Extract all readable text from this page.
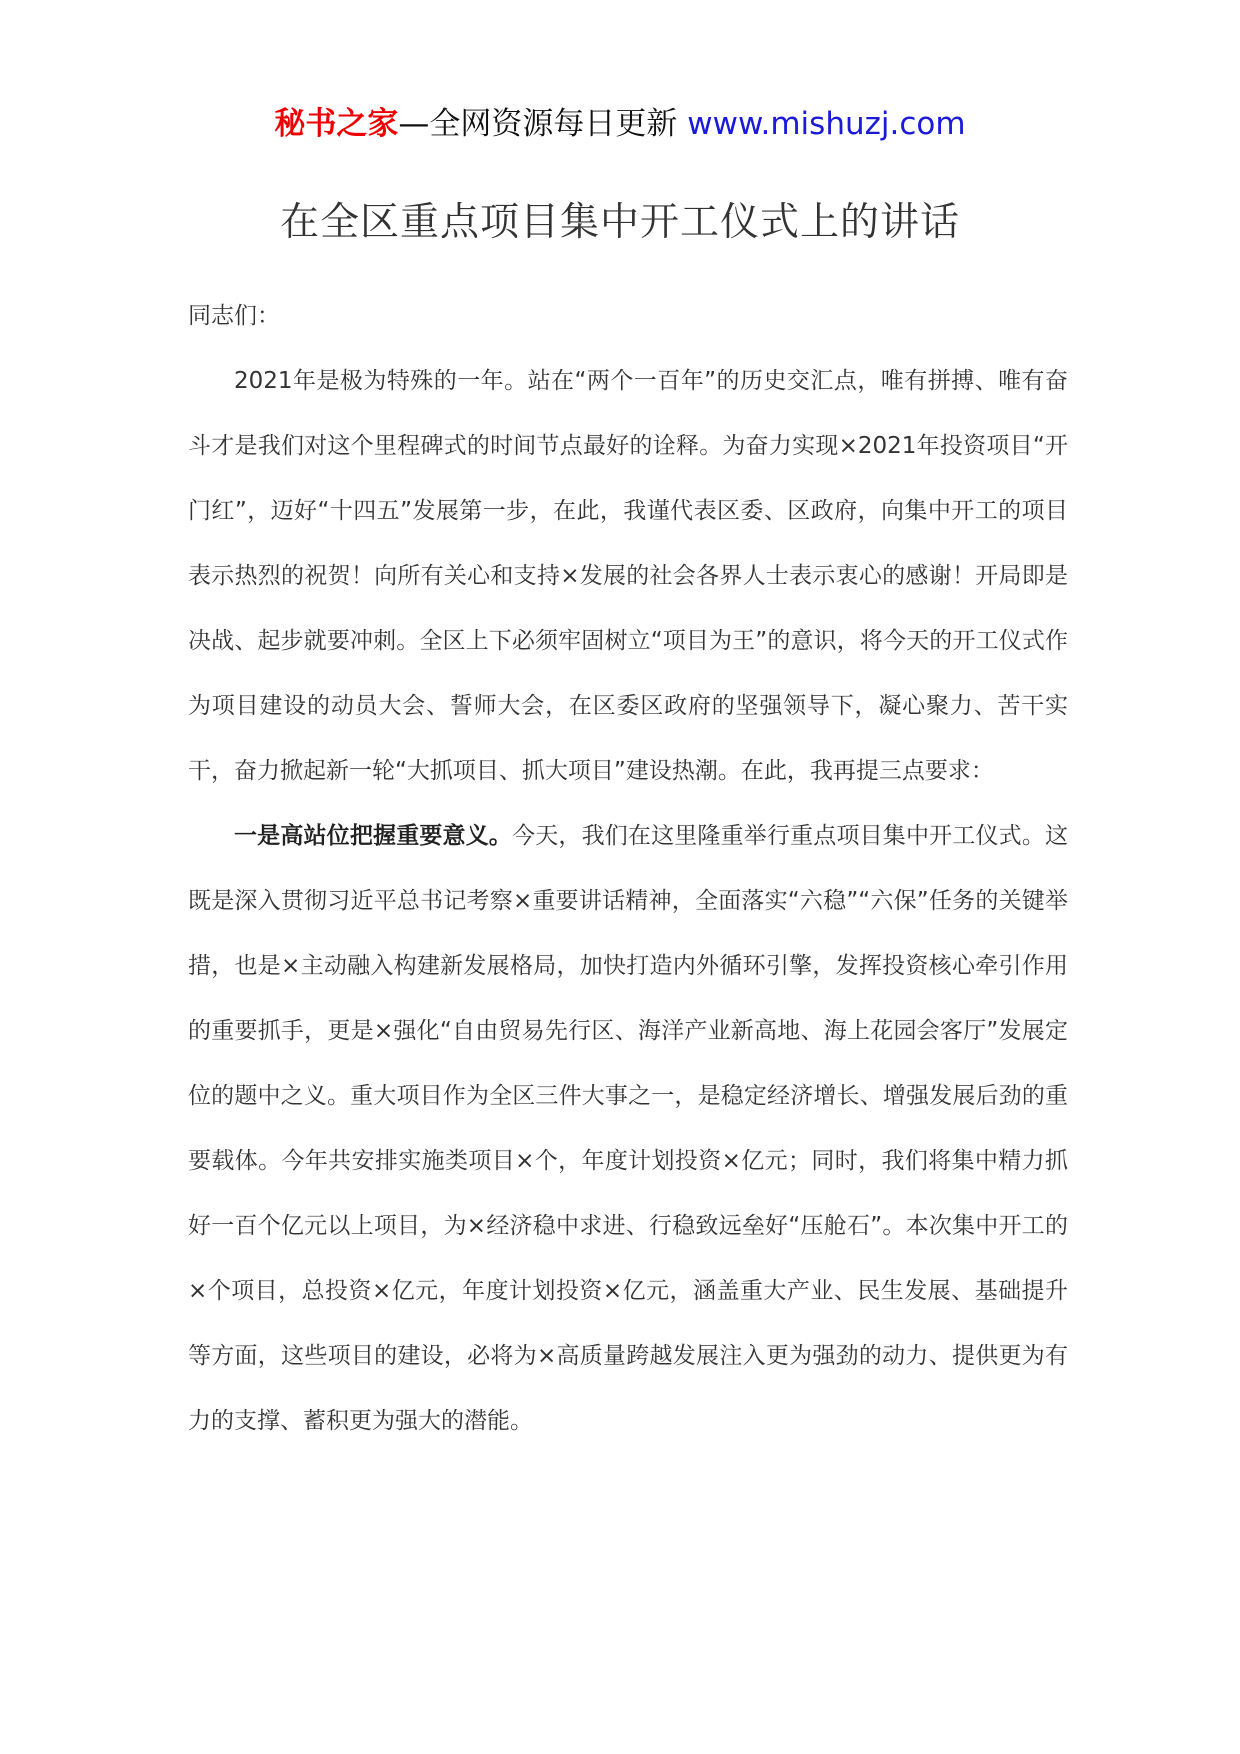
秘书之家—全网资源每日更新 www.mishuzj.com
在全区重点项目集中开工仪式上的讲话

同志们：

2021年是极为特殊的一年。站在“两个一百年”的历史交汇点，唯有拼搏、唯有奋斗才是我们对这个里程碑式的时间节点最好的诠释。为奋力实现×2021年投资项目“开门红”，迈好“十四五”发展第一步，在此，我谨代表区委、区政府，向集中开工的项目表示热烈的祝贺！向所有关心和支持×发展的社会各界人士表示衷心的感谢！开局即是决战、起步就要冲刺。全区上下必须牢固树立“项目为王”的意识，将今天的开工仪式作为项目建设的动员大会、誓师大会，在区委区政府的坚强领导下，凝心聚力、苦干实干，奋力掀起新一轮“大抓项目、抓大项目”建设热潮。在此，我再提三点要求：

一是高站位把握重要意义。今天，我们在这里隆重举行重点项目集中开工仪式。这既是深入贯彻习近平总书记考察×重要讲话精神，全面落实“六稳”“六保”任务的关键举措，也是×主动融入构建新发展格局，加快打造内外循环引擎，发挥投资核心牵引作用的重要抓手，更是×强化“自由贸易先行区、海洋产业新高地、海上花园会客厅”发展定位的题中之义。重大项目作为全区三件大事之一，是稳定经济增长、增强发展后劲的重要载体。今年共安排实施类项目×个，年度计划投资×亿元；同时，我们将集中精力抓好一百个亿元以上项目，为×经济稳中求进、行稳致远垒好“压舱石”。本次集中开工的×个项目，总投资×亿元，年度计划投资×亿元，涵盖重大产业、民生发展、基础提升等方面，这些项目的建设，必将为×高质量跨越发展注入更为强劲的动力、提供更为有力的支撑、蓄积更为强大的潜能。
